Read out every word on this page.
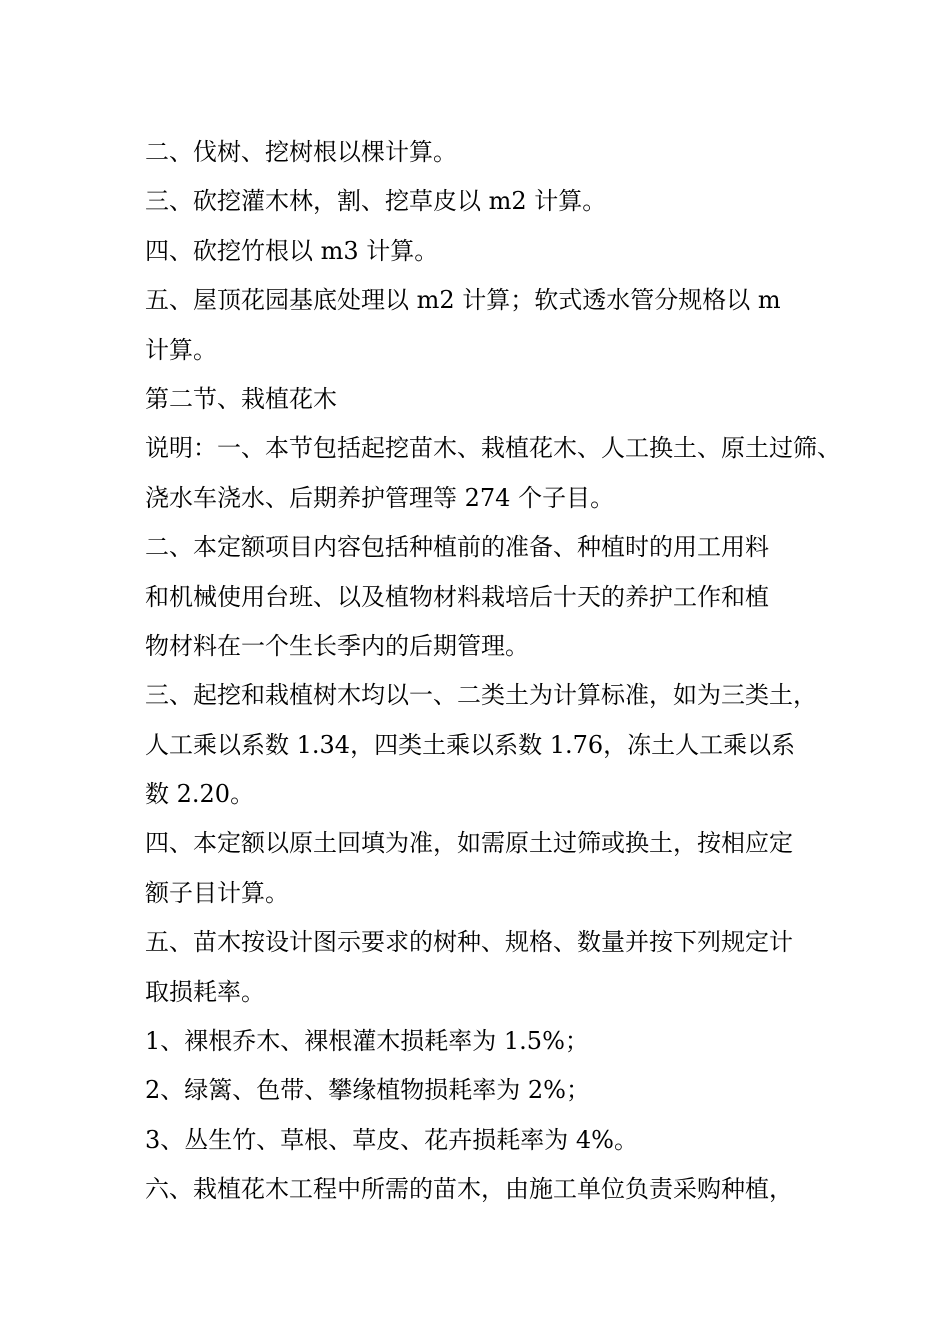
二、伐树、挖树根以棵计算。
三、砍挖灌木林，割、挖草皮以 m2 计算。
四、砍挖竹根以 m3 计算。
五、屋顶花园基底处理以 m2 计算；软式透水管分规格以 m
计算。
第二节、栽植花木
说明：一、本节包括起挖苗木、栽植花木、人工换土、原土过筛、
浇水车浇水、后期养护管理等 274 个子目。
二、本定额项目内容包括种植前的准备、种植时的用工用料
和机械使用台班、以及植物材料栽培后十天的养护工作和植
物材料在一个生长季内的后期管理。
三、起挖和栽植树木均以一、二类土为计算标准，如为三类土，
人工乘以系数 1.34，四类土乘以系数 1.76，冻土人工乘以系
数 2.20。
四、本定额以原土回填为准，如需原土过筛或换土，按相应定
额子目计算。
五、苗木按设计图示要求的树种、规格、数量并按下列规定计
取损耗率。
1、裸根乔木、裸根灌木损耗率为 1.5%；
2、绿篱、色带、攀缘植物损耗率为 2%；
3、丛生竹、草根、草皮、花卉损耗率为 4%。
六、栽植花木工程中所需的苗木，由施工单位负责采购种植，
